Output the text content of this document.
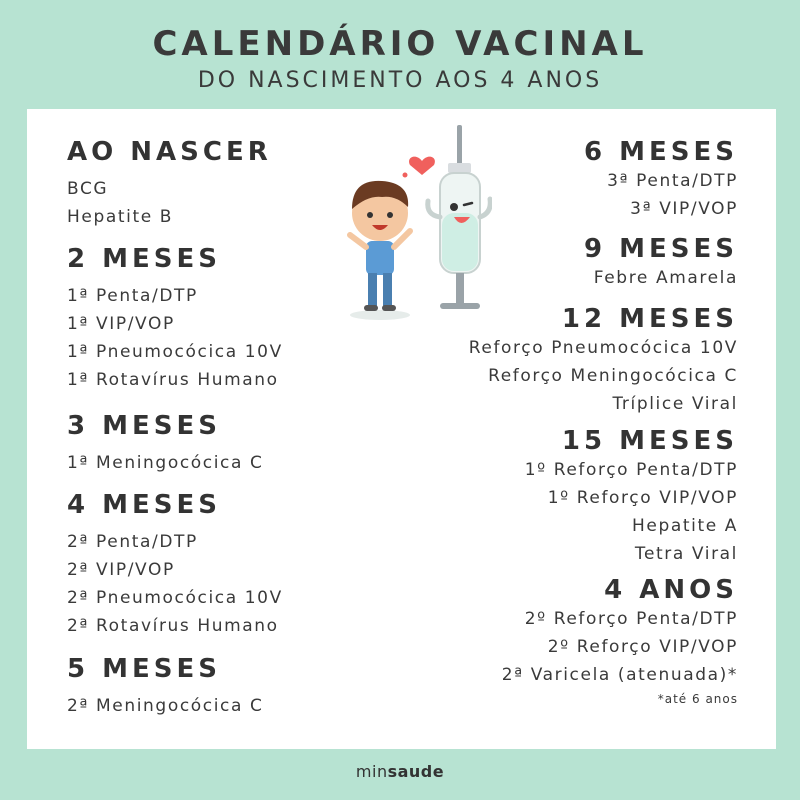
CALENDÁRIO VACINAL
DO NASCIMENTO AOS 4 ANOS
AO NASCER
BCG
Hepatite B
2 MESES
1ª Penta/DTP
1ª VIP/VOP
1ª Pneumocócica 10V
1ª Rotavírus Humano
3 MESES
1ª Meningocócica C
4 MESES
2ª Penta/DTP
2ª VIP/VOP
2ª Pneumocócica 10V
2ª Rotavírus Humano
5 MESES
2ª Meningocócica C
6 MESES
3ª Penta/DTP
3ª VIP/VOP
9 MESES
Febre Amarela
12 MESES
Reforço Pneumocócica 10V
Reforço Meningocócica C
Tríplice Viral
15 MESES
1º Reforço Penta/DTP
1º Reforço VIP/VOP
Hepatite A
Tetra Viral
4 ANOS
2º Reforço Penta/DTP
2º Reforço VIP/VOP
2ª Varicela (atenuada)*
*até 6 anos
minsaude
